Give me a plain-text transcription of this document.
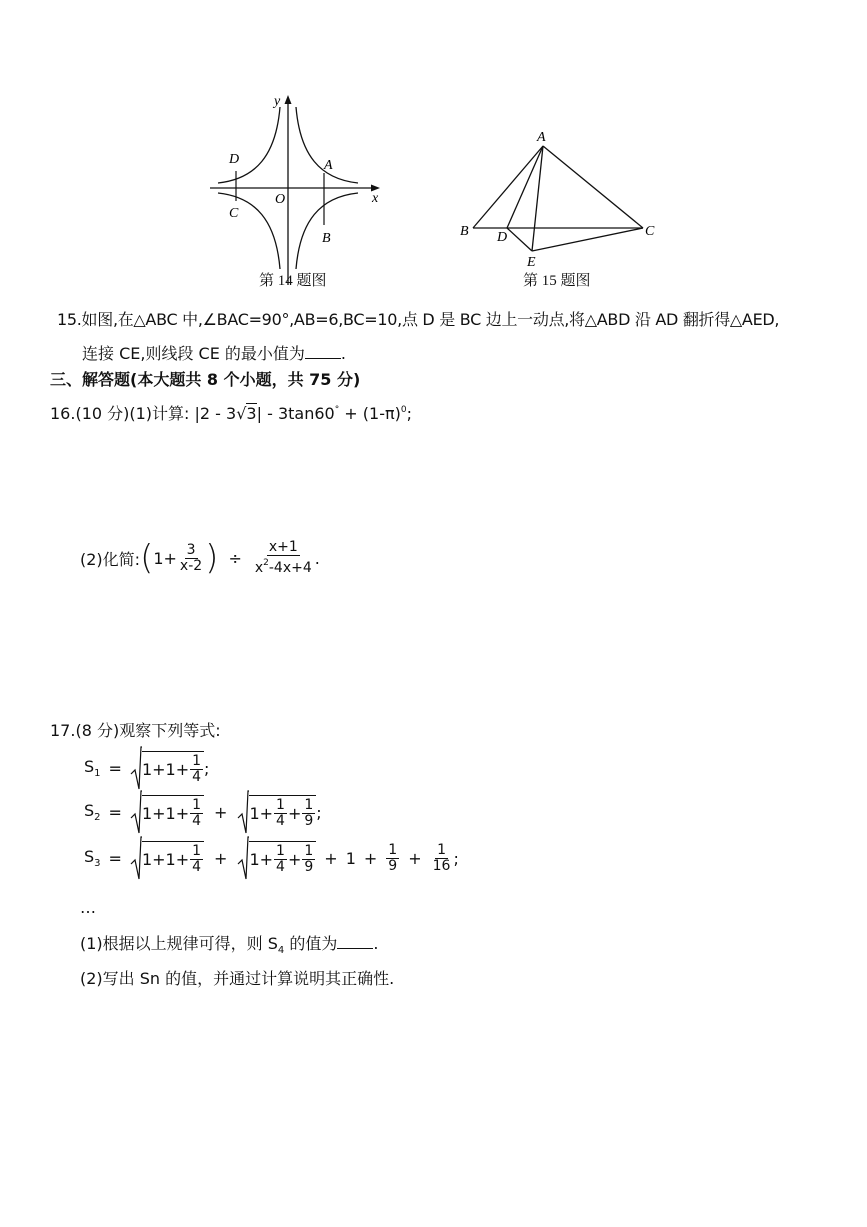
y
x
O
A
B
C
D
第 14 题图
A
B	C
D
E
第 15 题图
15.如图,在△ABC 中,∠BAC=90°,AB=6,BC=10,点 D 是 BC 边上一动点,将△ABD 沿 AD 翻折得△AED,
连接 CE,则线段 CE 的最小值为 .
三、解答题(本大题共 8 个小题，共 75 分)
16.(10 分)(1)计算: $|2 - 3√3| - 3\tan 60^\circ + (1-\pi)^0$;
(2)化简: ( $1+ \frac{3}{x-2}$ ) ÷ $\frac{x+1}{x^2-4x+4}$ .
17.(8 分)观察下列等式:
$S_1 = 1+1+ \frac{1}{4}$ ;
$S_2 = 1+1+ \frac{1}{4} + 1+ \frac{1}{4} + \frac{1}{9}$ ;
$S_3 = 1+1+ \frac{1}{4} + 1+ \frac{1}{4} + \frac{1}{9} + 1 + \frac{1}{9} + \frac{1}{16}$ ;
…
(1)根据以上规律可得，则 $S_4$ 的值为 .
(2)写出 Sn 的值，并通过计算说明其正确性.
